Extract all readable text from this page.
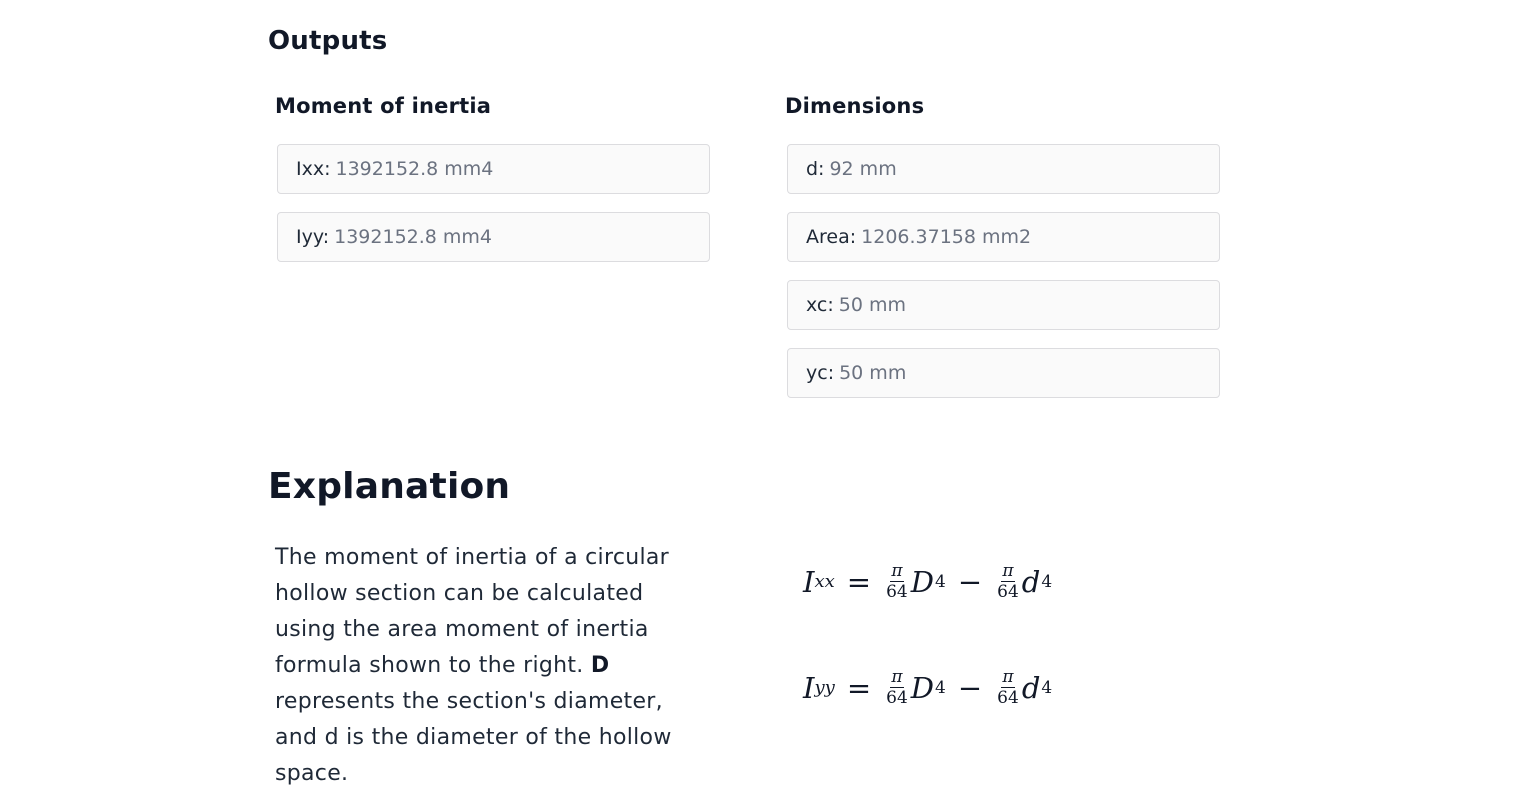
Outputs
Moment of inertia
Ixx: 1392152.8 mm4
Iyy: 1392152.8 mm4
Dimensions
d: 92 mm
Area: 1206.37158 mm2
xc: 50 mm
yc: 50 mm
Explanation

The moment of inertia of a circular hollow section can be calculated using the area moment of inertia formula shown to the right. D represents the section's diameter, and d is the diameter of the hollow space.

I xx = $\frac{\pi}{64}$ D $4 - \frac{\pi}{64}$ d 4
I yy = $\frac{\pi}{64}$ D $4 - \frac{\pi}{64}$ d 4
